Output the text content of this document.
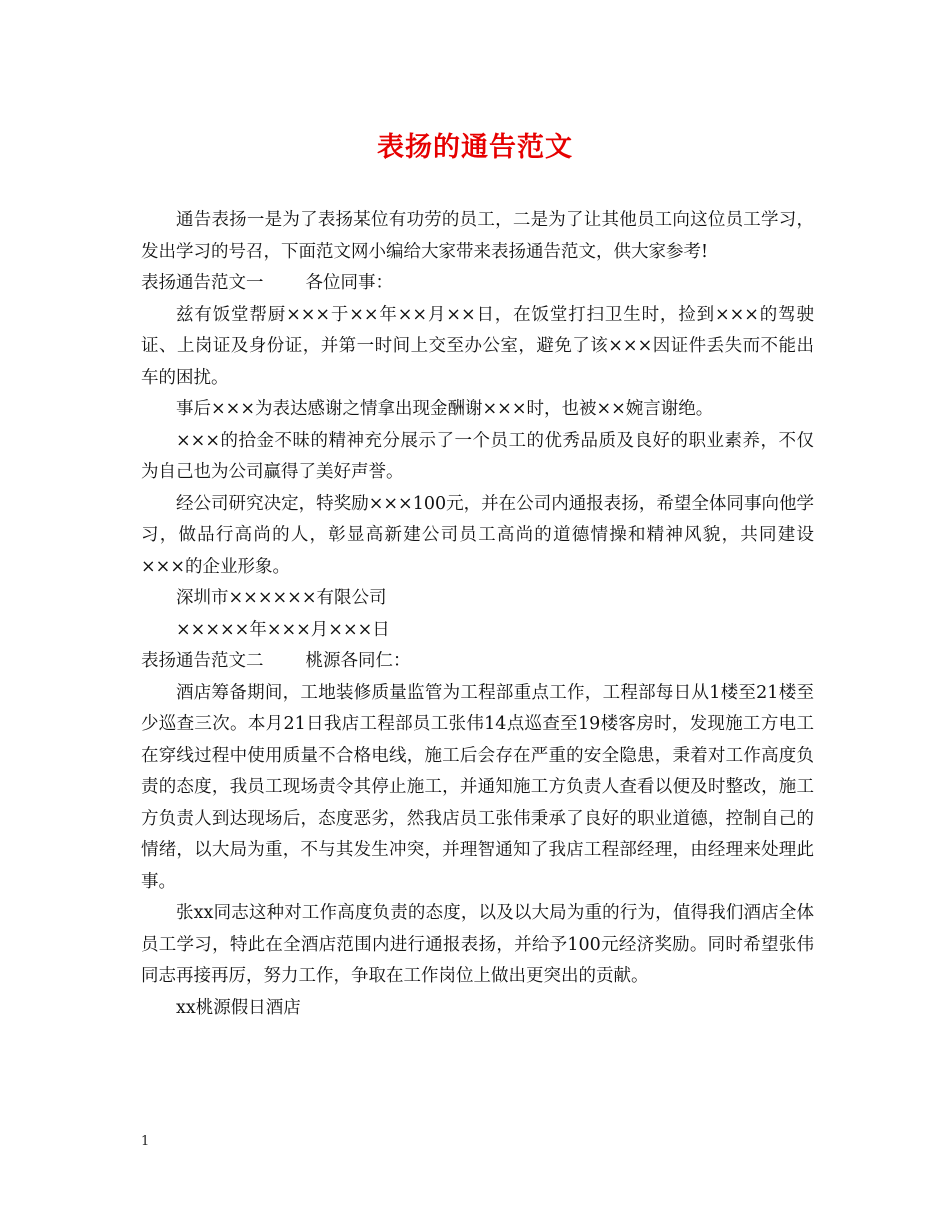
表扬的通告范文

通告表扬一是为了表扬某位有功劳的员工，二是为了让其他员工向这位员工学习，发出学习的号召，下面范文网小编给大家带来表扬通告范文，供大家参考!

表扬通告范文一 各位同事：

兹有饭堂帮厨×××于××年××月××日，在饭堂打扫卫生时，捡到×××的驾驶证、上岗证及身份证，并第一时间上交至办公室，避免了该×××因证件丢失而不能出车的困扰。

事后×××为表达感谢之情拿出现金酬谢×××时，也被××婉言谢绝。

×××的拾金不昧的精神充分展示了一个员工的优秀品质及良好的职业素养，不仅为自己也为公司赢得了美好声誉。

经公司研究决定，特奖励×××100元，并在公司内通报表扬，希望全体同事向他学习，做品行高尚的人，彰显高新建公司员工高尚的道德情操和精神风貌，共同建设×××的企业形象。

深圳市××××××有限公司

×××××年×××月×××日

表扬通告范文二 桃源各同仁：

酒店筹备期间，工地装修质量监管为工程部重点工作，工程部每日从1楼至21楼至少巡查三次。本月21日我店工程部员工张伟14点巡查至19楼客房时，发现施工方电工在穿线过程中使用质量不合格电线，施工后会存在严重的安全隐患，秉着对工作高度负责的态度，我员工现场责令其停止施工，并通知施工方负责人查看以便及时整改，施工方负责人到达现场后，态度恶劣，然我店员工张伟秉承了良好的职业道德，控制自己的情绪，以大局为重，不与其发生冲突，并理智通知了我店工程部经理，由经理来处理此事。

张xx同志这种对工作高度负责的态度，以及以大局为重的行为，值得我们酒店全体员工学习，特此在全酒店范围内进行通报表扬，并给予100元经济奖励。同时希望张伟同志再接再厉，努力工作，争取在工作岗位上做出更突出的贡献。

xx桃源假日酒店

1
